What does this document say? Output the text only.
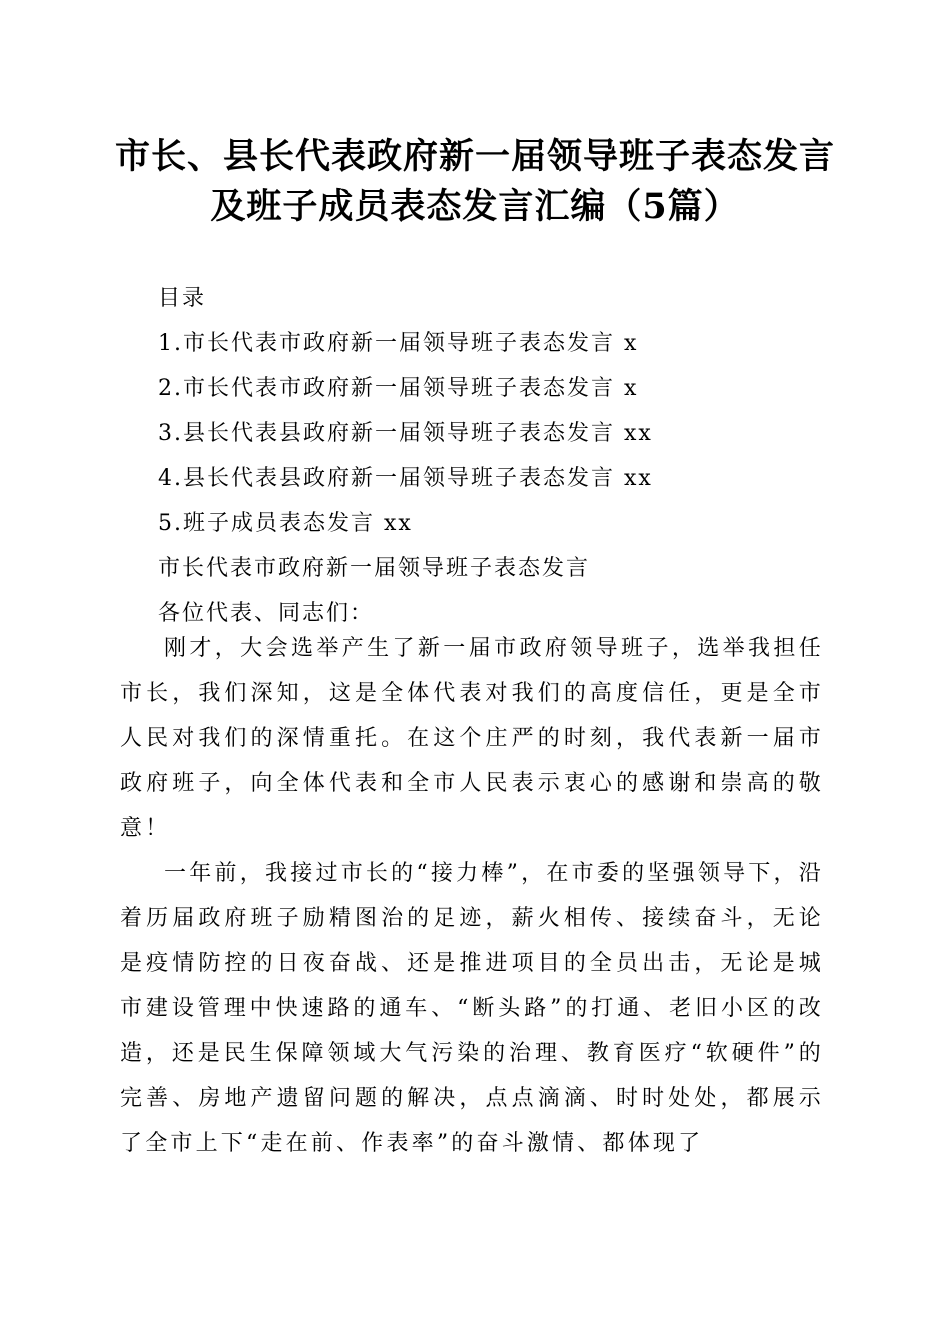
市长、县长代表政府新一届领导班子表态发言
及班子成员表态发言汇编（5篇）
目录
1.市长代表市政府新一届领导班子表态发言 x
2.市长代表市政府新一届领导班子表态发言 x
3.县长代表县政府新一届领导班子表态发言 xx
4.县长代表县政府新一届领导班子表态发言 xx
5.班子成员表态发言 xx
市长代表市政府新一届领导班子表态发言
各位代表、同志们：

刚才，大会选举产生了新一届市政府领导班子，选举我担任市长，我们深知，这是全体代表对我们的高度信任，更是全市人民对我们的深情重托。在这个庄严的时刻，我代表新一届市政府班子，向全体代表和全市人民表示衷心的感谢和崇高的敬意！

一年前，我接过市长的“接力棒”，在市委的坚强领导下，沿着历届政府班子励精图治的足迹，薪火相传、接续奋斗，无论是疫情防控的日夜奋战、还是推进项目的全员出击，无论是城市建设管理中快速路的通车、“断头路”的打通、老旧小区的改造，还是民生保障领域大气污染的治理、教育医疗“软硬件”的完善、房地产遗留问题的解决，点点滴滴、时时处处，都展示了全市上下“走在前、作表率”的奋斗激情、都体现了
